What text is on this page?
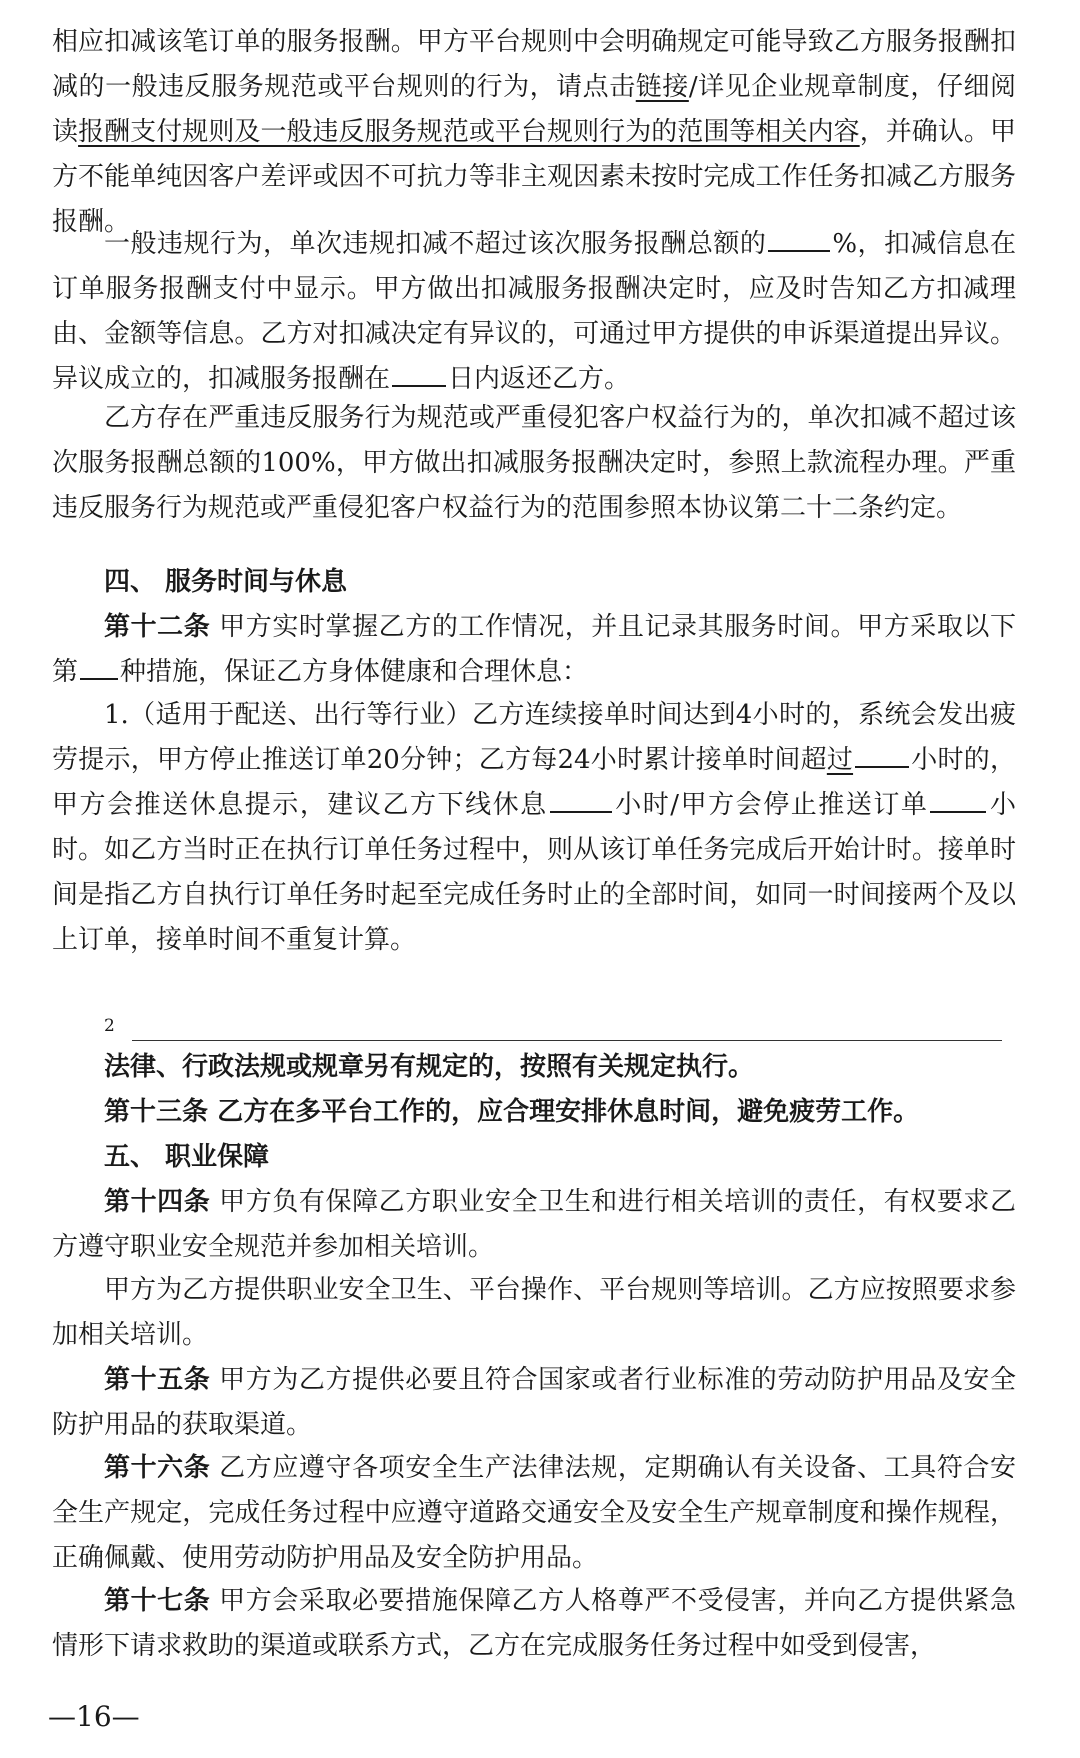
相应扣减该笔订单的服务报酬。甲方平台规则中会明确规定可能导致乙方服务报酬扣减的一般违反服务规范或平台规则的行为，请点击链接/详见企业规章制度，仔细阅读报酬支付规则及一般违反服务规范或平台规则行为的范围等相关内容，并确认。甲方不能单纯因客户差评或因不可抗力等非主观因素未按时完成工作任务扣减乙方服务报酬。

一般违规行为，单次违规扣减不超过该次服务报酬总额的	%，扣减信息在订单服务报酬支付中显示。甲方做出扣减服务报酬决定时，应及时告知乙方扣减理由、金额等信息。乙方对扣减决定有异议的，可通过甲方提供的申诉渠道提出异议。异议成立的，扣减服务报酬在 日内返还乙方。

乙方存在严重违反服务行为规范或严重侵犯客户权益行为的，单次扣减不超过该次服务报酬总额的100%，甲方做出扣减服务报酬决定时，参照上款流程办理。严重违反服务行为规范或严重侵犯客户权益行为的范围参照本协议第二十二条约定。

四、 服务时间与休息

第十二条 甲方实时掌握乙方的工作情况，并且记录其服务时间。甲方采取以下第 种措施，保证乙方身体健康和合理休息：

1.（适用于配送、出行等行业）乙方连续接单时间达到4小时的，系统会发出疲劳提示，甲方停止推送订单20分钟；乙方每24小时累计接单时间超过 小时的， 甲方会推送休息提示，建议乙方下线休息	小时/甲方会停止推送订单 小时。如乙方当时正在执行订单任务过程中，则从该订单任务完成后开始计时。接单时间是指乙方自执行订单任务时起至完成任务时止的全部时间，如同一时间接两个及以上订单，接单时间不重复计算。

2

法律、行政法规或规章另有规定的，按照有关规定执行。

第十三条 乙方在多平台工作的，应合理安排休息时间，避免疲劳工作。

五、 职业保障

第十四条 甲方负有保障乙方职业安全卫生和进行相关培训的责任，有权要求乙方遵守职业安全规范并参加相关培训。

甲方为乙方提供职业安全卫生、平台操作、平台规则等培训。乙方应按照要求参加相关培训。

第十五条 甲方为乙方提供必要且符合国家或者行业标准的劳动防护用品及安全防护用品的获取渠道。

第十六条 乙方应遵守各项安全生产法律法规，定期确认有关设备、工具符合安全生产规定，完成任务过程中应遵守道路交通安全及安全生产规章制度和操作规程，正确佩戴、使用劳动防护用品及安全防护用品。

第十七条 甲方会采取必要措施保障乙方人格尊严不受侵害，并向乙方提供紧急情形下请求救助的渠道或联系方式，乙方在完成服务任务过程中如受到侵害，

—16—
